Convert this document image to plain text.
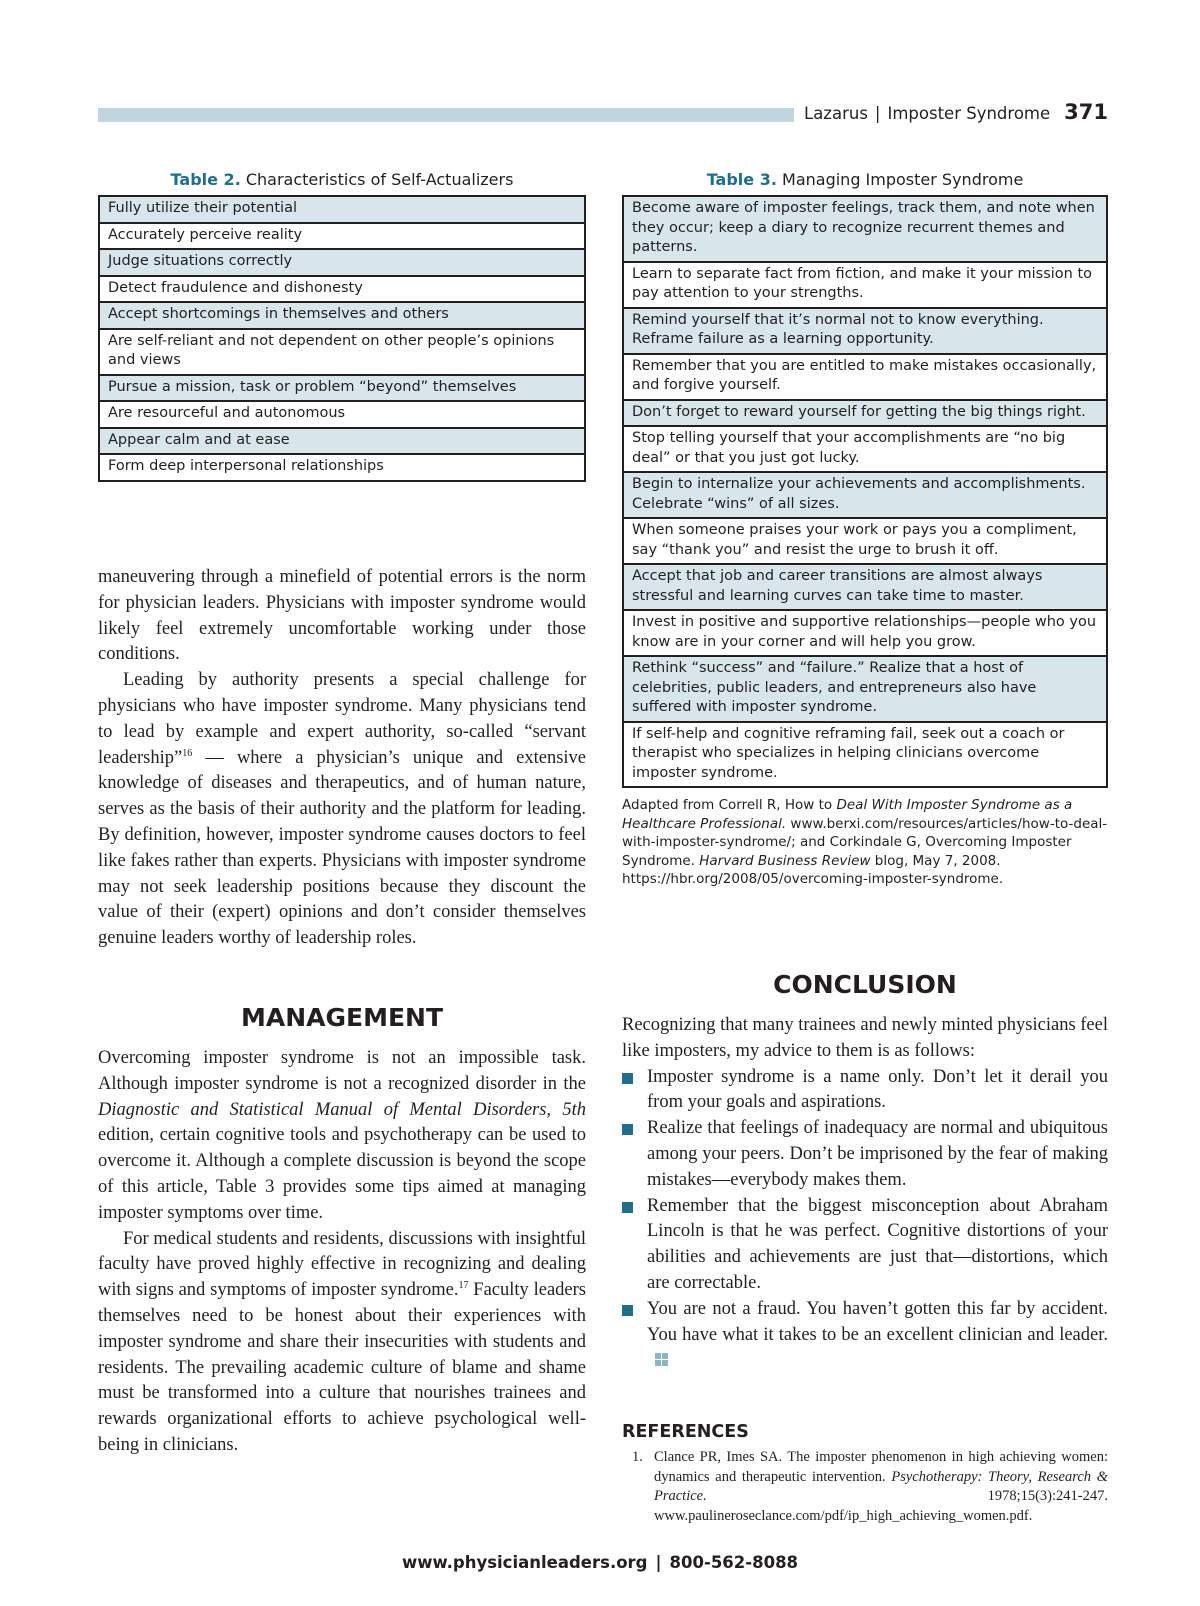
Lazarus | Imposter Syndrome 371
Table 2. Characteristics of Self-Actualizers
Fully utilize their potential
Accurately perceive reality
Judge situations correctly
Detect fraudulence and dishonesty
Accept shortcomings in themselves and others
Are self-reliant and not dependent on other people’s opinions and views
Pursue a mission, task or problem “beyond” themselves
Are resourceful and autonomous
Appear calm and at ease
Form deep interpersonal relationships

maneuvering through a minefield of potential errors is the norm for physician leaders. Physicians with imposter syndrome would likely feel extremely uncomfortable working under those conditions.

Leading by authority presents a special challenge for physicians who have imposter syndrome. Many physicians tend to lead by example and expert authority, so-called “servant leadership”$^{16}$ — where a physician’s unique and extensive knowledge of diseases and therapeutics, and of human nature, serves as the basis of their authority and the platform for leading. By definition, however, imposter syndrome causes doctors to feel like fakes rather than experts. Physicians with imposter syndrome may not seek leadership positions because they discount the value of their (expert) opinions and don’t consider themselves genuine leaders worthy of leadership roles.

MANAGEMENT

Overcoming imposter syndrome is not an impossible task. Although imposter syndrome is not a recognized disorder in the Diagnostic and Statistical Manual of Mental Disorders, 5th edition, certain cognitive tools and psychotherapy can be used to overcome it. Although a complete discussion is beyond the scope of this article, Table 3 provides some tips aimed at managing imposter symptoms over time.

For medical students and residents, discussions with insightful faculty have proved highly effective in recognizing and dealing with signs and symptoms of imposter syndrome.$^{17}$ Faculty leaders themselves need to be honest about their experiences with imposter syndrome and share their insecurities with students and residents. The prevailing academic culture of blame and shame must be transformed into a culture that nourishes trainees and rewards organizational efforts to achieve psychological well-being in clinicians.

Table 3. Managing Imposter Syndrome
Become aware of imposter feelings, track them, and note when they occur; keep a diary to recognize recurrent themes and patterns.
Learn to separate fact from fiction, and make it your mission to pay attention to your strengths.
Remind yourself that it’s normal not to know everything. Reframe failure as a learning opportunity.
Remember that you are entitled to make mistakes occasionally, and forgive yourself.
Don’t forget to reward yourself for getting the big things right.
Stop telling yourself that your accomplishments are “no big deal” or that you just got lucky.
Begin to internalize your achievements and accomplishments. Celebrate “wins” of all sizes.
When someone praises your work or pays you a compliment, say “thank you” and resist the urge to brush it off.
Accept that job and career transitions are almost always stressful and learning curves can take time to master.
Invest in positive and supportive relationships—people who you know are in your corner and will help you grow.
Rethink “success” and “failure.” Realize that a host of celebrities, public leaders, and entrepreneurs also have suffered with imposter syndrome.
If self-help and cognitive reframing fail, seek out a coach or therapist who specializes in helping clinicians overcome imposter syndrome.
Adapted from Correll R, How to Deal With Imposter Syndrome as a Healthcare Professional. www.berxi.com/resources/articles/how-to-deal-with-imposter-syndrome/; and Corkindale G, Overcoming Imposter Syndrome. Harvard Business Review blog, May 7, 2008. https://hbr.org/2008/05/overcoming-imposter-syndrome.
CONCLUSION

Recognizing that many trainees and newly minted physicians feel like imposters, my advice to them is as follows:

Imposter syndrome is a name only. Don’t let it derail you from your goals and aspirations.
Realize that feelings of inadequacy are normal and ubiquitous among your peers. Don’t be imprisoned by the fear of making mistakes—everybody makes them.
Remember that the biggest misconception about Abraham Lincoln is that he was perfect. Cognitive distortions of your abilities and achievements are just that—distortions, which are correctable.
You are not a fraud. You haven’t gotten this far by accident. You have what it takes to be an excellent clinician and leader.
REFERENCES
1. Clance PR, Imes SA. The imposter phenomenon in high achieving women: dynamics and therapeutic intervention. Psychotherapy: Theory, Research & Practice. 1978;15(3):241-247. www.paulineroseclance.com/pdf/ip_high_achieving_women.pdf.
www.physicianleaders.org | 800-562-8088
